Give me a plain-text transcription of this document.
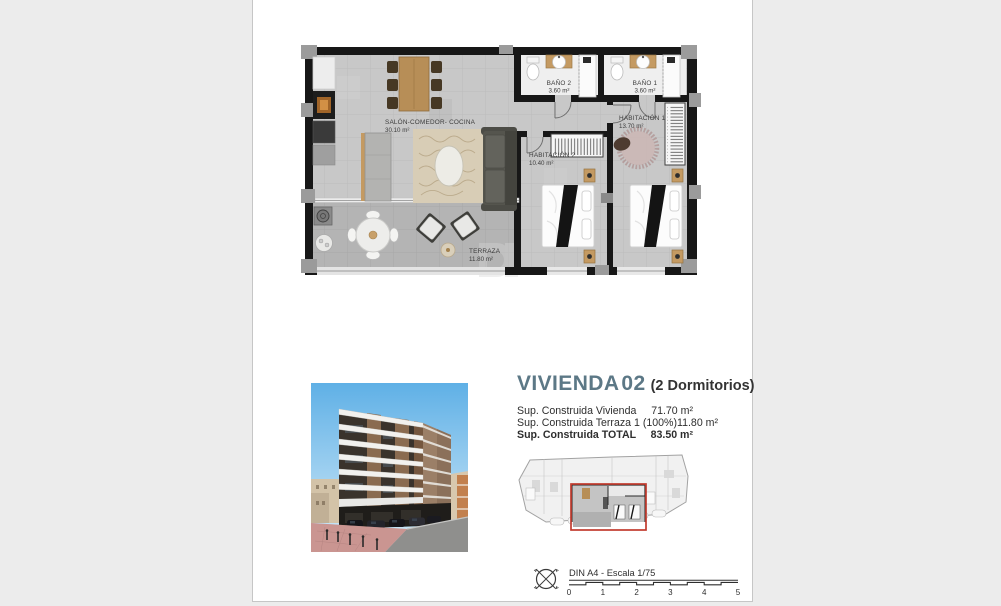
SALÓN-COMEDOR- COCINA
30.10 m²
BAÑO 2
3.60 m²
BAÑO 1
3.60 m²
HABITACIÓN 1
13.70 m²
HABITACIÓN 2
10.40 m²
TERRAZA
11.80 m²
VIVIENDA02 (2 Dormitorios)
Sup. Construida Vivienda 71.70 m²
Sup. Construida Terraza 1 (100%) 11.80 m²
Sup. Construida TOTAL 83.50 m²
DIN A4 - Escala 1/75
0	1	2	3	4	5
